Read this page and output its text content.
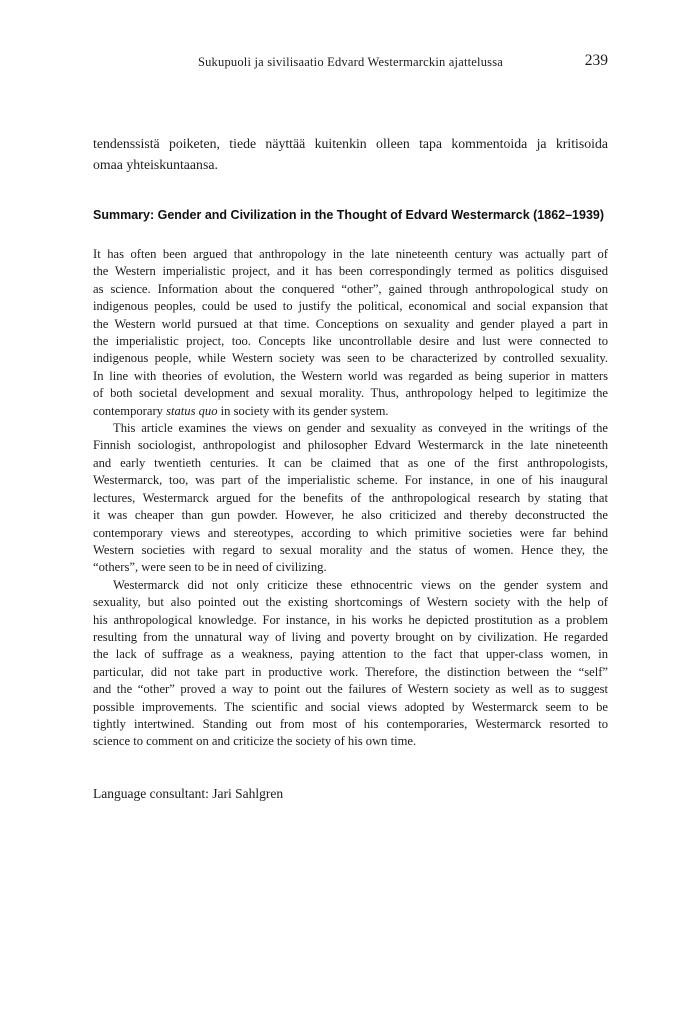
Sukupuoli ja sivilisaatio Edvard Westermarckin ajattelussa	239
tendenssistä poiketen, tiede näyttää kuitenkin olleen tapa kommentoida ja kritisoida
omaa yhteiskuntaansa.
Summary: Gender and Civilization in the Thought of Edvard Westermarck (1862–1939)
It has often been argued that anthropology in the late nineteenth century was actually part of
the Western imperialistic project, and it has been correspondingly termed as politics disguised
as science. Information about the conquered “other”, gained through anthropological study on
indigenous peoples, could be used to justify the political, economical and social expansion that
the Western world pursued at that time. Conceptions on sexuality and gender played a part in
the imperialistic project, too. Concepts like uncontrollable desire and lust were connected to
indigenous people, while Western society was seen to be characterized by controlled sexuality.
In line with theories of evolution, the Western world was regarded as being superior in matters
of both societal development and sexual morality. Thus, anthropology helped to legitimize the
contemporary status quo in society with its gender system.
This article examines the views on gender and sexuality as conveyed in the writings of the
Finnish sociologist, anthropologist and philosopher Edvard Westermarck in the late nineteenth
and early twentieth centuries. It can be claimed that as one of the first anthropologists,
Westermarck, too, was part of the imperialistic scheme. For instance, in one of his inaugural
lectures, Westermarck argued for the benefits of the anthropological research by stating that
it was cheaper than gun powder. However, he also criticized and thereby deconstructed the
contemporary views and stereotypes, according to which primitive societies were far behind
Western societies with regard to sexual morality and the status of women. Hence they, the
“others”, were seen to be in need of civilizing.
Westermarck did not only criticize these ethnocentric views on the gender system and
sexuality, but also pointed out the existing shortcomings of Western society with the help of
his anthropological knowledge. For instance, in his works he depicted prostitution as a problem
resulting from the unnatural way of living and poverty brought on by civilization. He regarded
the lack of suffrage as a weakness, paying attention to the fact that upper-class women, in
particular, did not take part in productive work. Therefore, the distinction between the “self”
and the “other” proved a way to point out the failures of Western society as well as to suggest
possible improvements. The scientific and social views adopted by Westermarck seem to be
tightly intertwined. Standing out from most of his contemporaries, Westermarck resorted to
science to comment on and criticize the society of his own time.
Language consultant: Jari Sahlgren
